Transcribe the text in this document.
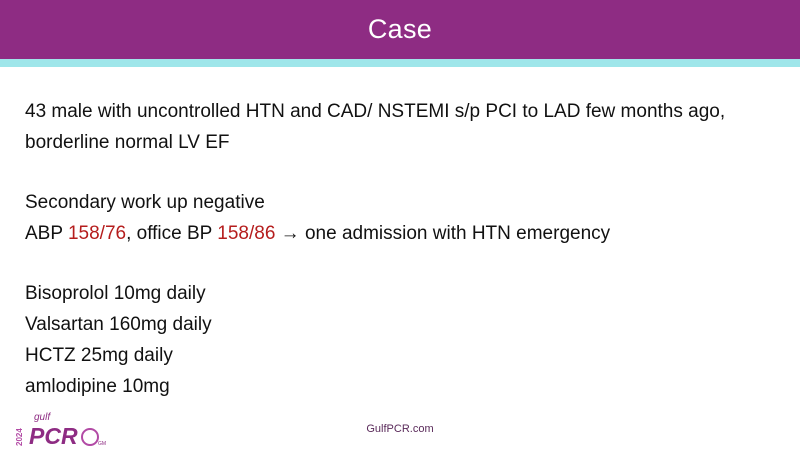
Case

43 male with uncontrolled HTN and CAD/ NSTEMI s/p PCI to LAD few months ago,

borderline normal LV EF

Secondary work up negative

ABP 158/76, office BP 158/86 → one admission with HTN emergency

Bisoprolol 10mg daily

Valsartan 160mg daily

HCTZ 25mg daily

amlodipine 10mg

2024
gulf
PCR	GM
GulfPCR.com
